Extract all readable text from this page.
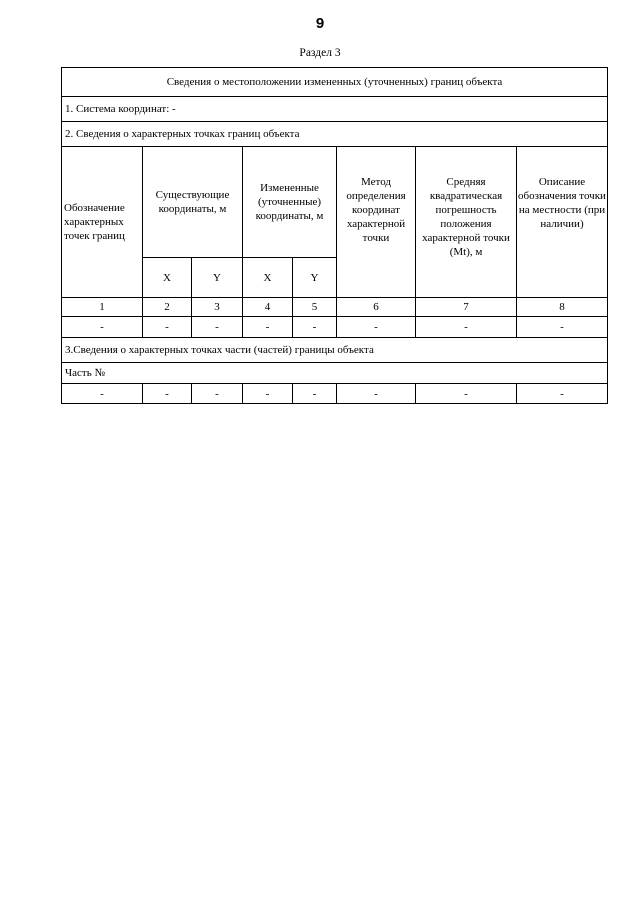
9
Раздел 3
Сведения о местоположении измененных (уточненных) границ объекта							
1. Система координат: -							
2. Сведения о характерных точках границ объекта							
Обозначение характерных точек границ	Существующие координаты, м		Измененные (уточненные) координаты, м		Метод определения координат характерной точки	Средняя квадратическая погрешность положения характерной точки (Mt), м	Описание обозначения точки на местности (при наличии)
	X	Y	X	Y			
1	2	3	4	5	6	7	8
-	-	-	-	-	-	-	-
3.Сведения о характерных точках части (частей) границы объекта							
Часть №							
-	-	-	-	-	-	-	-
